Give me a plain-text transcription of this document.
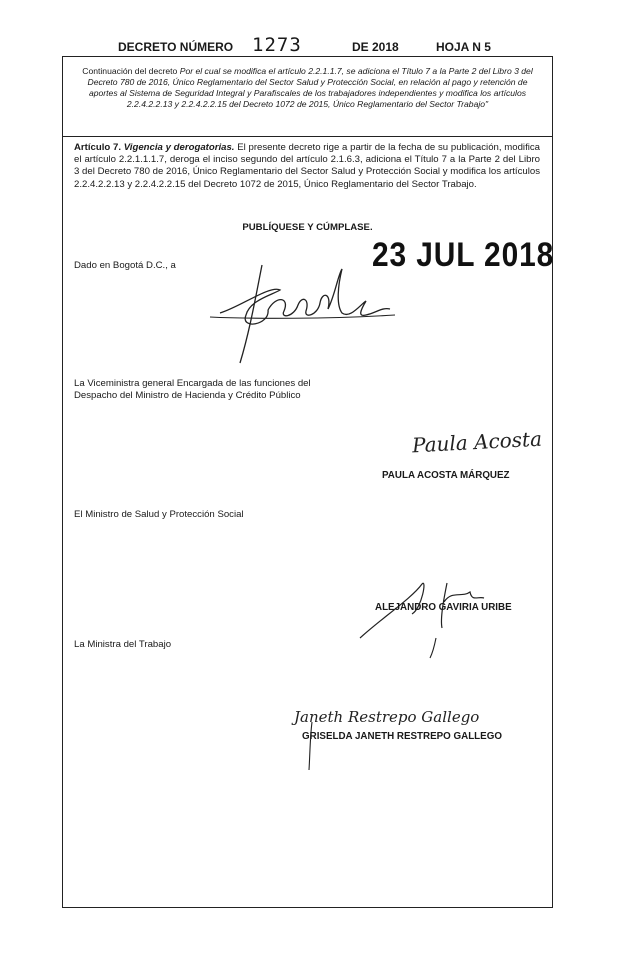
DECRETO NÚMERO 1273	DE 2018	HOJA N 5
Continuación del decreto Por el cual se modifica el artículo 2.2.1.1.7, se adiciona el Título 7 a la Parte 2 del Libro 3 del Decreto 780 de 2016, Único Reglamentario del Sector Salud y Protección Social, en relación al pago y retención de aportes al Sistema de Seguridad Integral y Parafiscales de los trabajadores independientes y modifica los artículos 2.2.4.2.2.13 y 2.2.4.2.2.15 del Decreto 1072 de 2015, Único Reglamentario del Sector Trabajo"
Artículo 7. Vigencia y derogatorias. El presente decreto rige a partir de la fecha de su publicación, modifica el artículo 2.2.1.1.1.7, deroga el inciso segundo del artículo 2.1.6.3, adiciona el Título 7 a la Parte 2 del Libro 3 del Decreto 780 de 2016, Único Reglamentario del Sector Salud y Protección Social y modifica los artículos 2.2.4.2.2.13 y 2.2.4.2.2.15 del Decreto 1072 de 2015, Único Reglamentario del Sector Trabajo.
PUBLÍQUESE Y CÚMPLASE.
Dado en Bogotá D.C., a	23 JUL 2018
La Viceministra general Encargada de las funciones del
Despacho del Ministro de Hacienda y Crédito Público
Paula Acosta
PAULA ACOSTA MÁRQUEZ
El Ministro de Salud y Protección Social
ALEJANDRO GAVIRIA URIBE
La Ministra del Trabajo
Janeth Restrepo Gallego
GRISELDA JANETH RESTREPO GALLEGO
